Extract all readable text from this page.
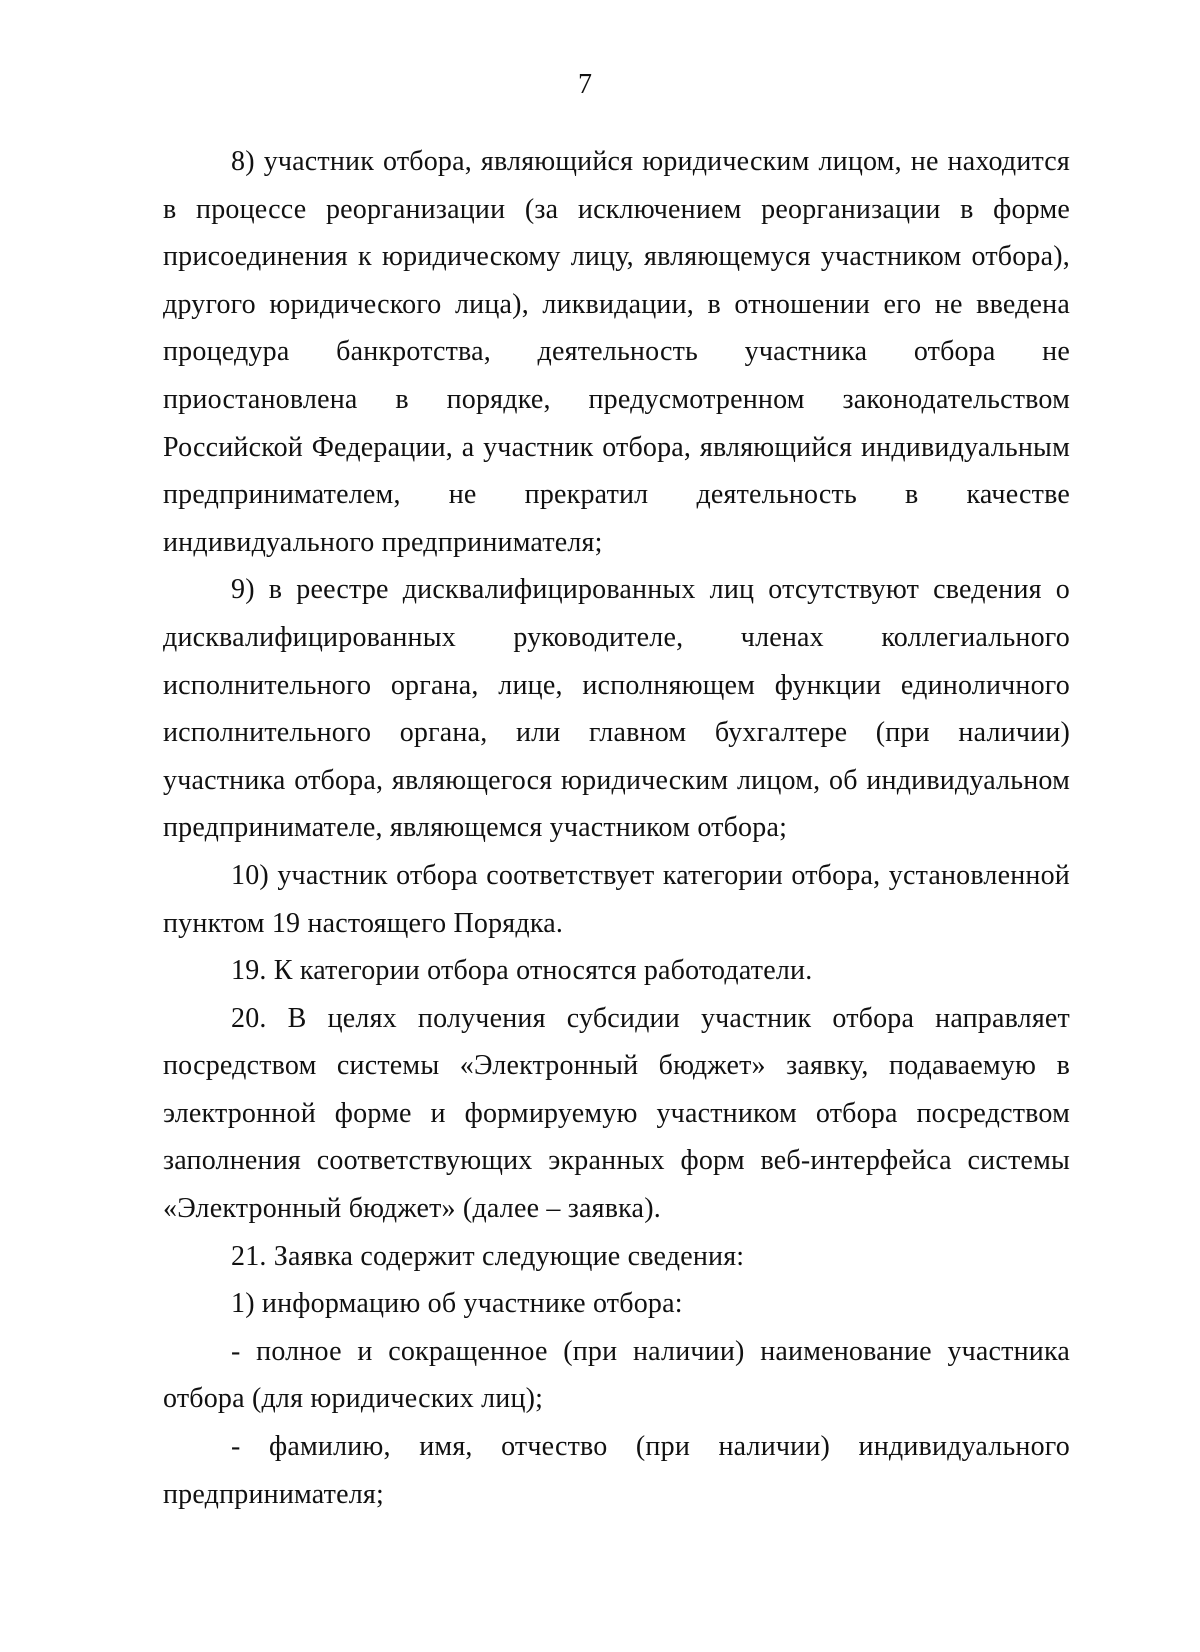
7

8) участник отбора, являющийся юридическим лицом, не находится в процессе реорганизации (за исключением реорганизации в форме присоединения к юридическому лицу, являющемуся участником отбора), другого юридического лица), ликвидации, в отношении его не введена процедура банкротства, деятельность участника отбора не приостановлена в порядке, предусмотренном законодательством Российской Федерации, а участник отбора, являющийся индивидуальным предпринимателем, не прекратил деятельность в качестве индивидуального предпринимателя;

9) в реестре дисквалифицированных лиц отсутствуют сведения о дисквалифицированных руководителе, членах коллегиального исполнительного органа, лице, исполняющем функции единоличного исполнительного органа, или главном бухгалтере (при наличии) участника отбора, являющегося юридическим лицом, об индивидуальном предпринимателе, являющемся участником отбора;

10) участник отбора соответствует категории отбора, установленной пунктом 19 настоящего Порядка.

19. К категории отбора относятся работодатели.

20. В целях получения субсидии участник отбора направляет посредством системы «Электронный бюджет» заявку, подаваемую в электронной форме и формируемую участником отбора посредством заполнения соответствующих экранных форм веб-интерфейса системы «Электронный бюджет» (далее – заявка).

21. Заявка содержит следующие сведения:

1) информацию об участнике отбора:

- полное и сокращенное (при наличии) наименование участника отбора (для юридических лиц);

- фамилию, имя, отчество (при наличии) индивидуального предпринимателя;
